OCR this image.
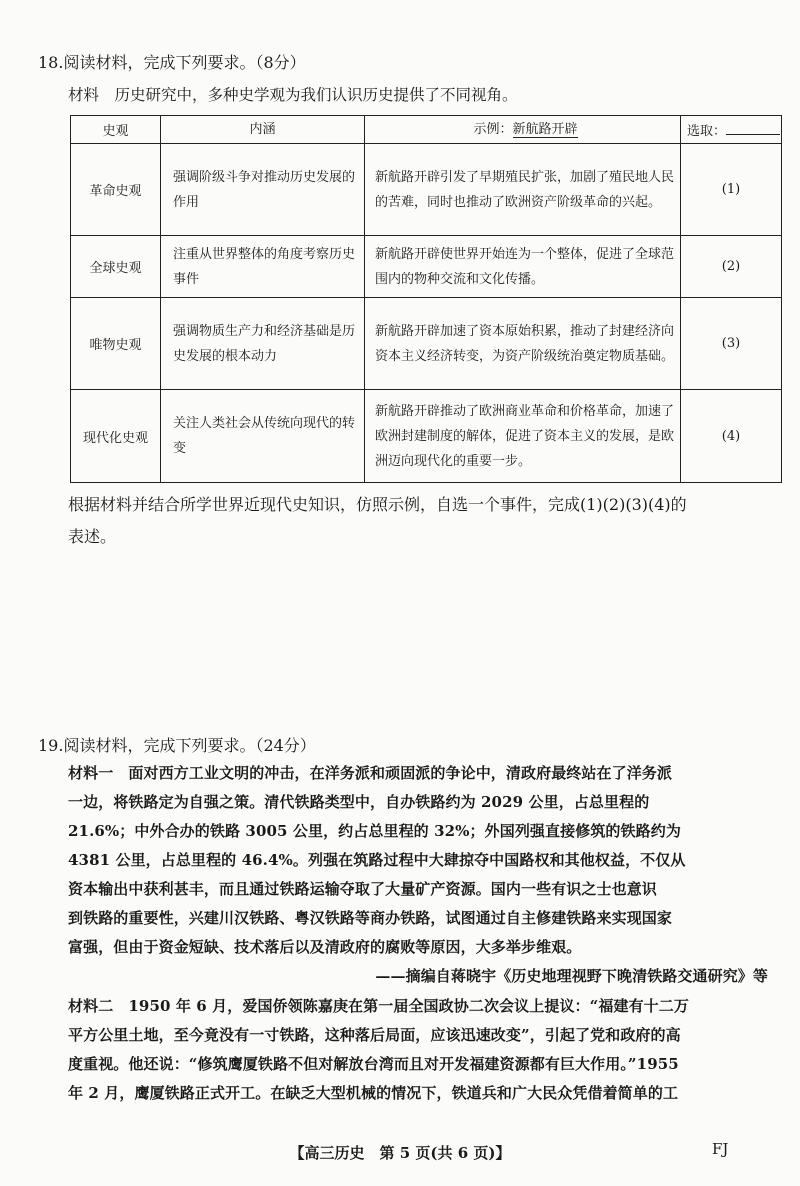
18.阅读材料，完成下列要求。（8分）
材料　历史研究中，多种史学观为我们认识历史提供了不同视角。
史观	内涵	示例：新航路开辟	选取：
革命史观	强调阶级斗争对推动历史发展的作用	新航路开辟引发了早期殖民扩张，加剧了殖民地人民的苦难，同时也推动了欧洲资产阶级革命的兴起。	(1)
全球史观	注重从世界整体的角度考察历史事件	新航路开辟使世界开始连为一个整体，促进了全球范围内的物种交流和文化传播。	(2)
唯物史观	强调物质生产力和经济基础是历史发展的根本动力	新航路开辟加速了资本原始积累，推动了封建经济向资本主义经济转变，为资产阶级统治奠定物质基础。	(3)
现代化史观	关注人类社会从传统向现代的转变	新航路开辟推动了欧洲商业革命和价格革命，加速了欧洲封建制度的解体，促进了资本主义的发展，是欧洲迈向现代化的重要一步。	(4)
根据材料并结合所学世界近现代史知识，仿照示例，自选一个事件，完成(1)(2)(3)(4)的
表述。
19.阅读材料，完成下列要求。（24分）
材料一　面对西方工业文明的冲击，在洋务派和顽固派的争论中，清政府最终站在了洋务派
一边，将铁路定为自强之策。清代铁路类型中，自办铁路约为 2029 公里，占总里程的
21.6%；中外合办的铁路 3005 公里，约占总里程的 32%；外国列强直接修筑的铁路约为
4381 公里，占总里程的 46.4%。列强在筑路过程中大肆掠夺中国路权和其他权益，不仅从
资本输出中获利甚丰，而且通过铁路运输夺取了大量矿产资源。国内一些有识之士也意识
到铁路的重要性，兴建川汉铁路、粤汉铁路等商办铁路，试图通过自主修建铁路来实现国家
富强，但由于资金短缺、技术落后以及清政府的腐败等原因，大多举步维艰。
——摘编自蒋晓宇《历史地理视野下晚清铁路交通研究》等
材料二　1950 年 6 月，爱国侨领陈嘉庚在第一届全国政协二次会议上提议：“福建有十二万
平方公里土地，至今竟没有一寸铁路，这种落后局面，应该迅速改变”，引起了党和政府的高
度重视。他还说：“修筑鹰厦铁路不但对解放台湾而且对开发福建资源都有巨大作用。”1955
年 2 月，鹰厦铁路正式开工。在缺乏大型机械的情况下，铁道兵和广大民众凭借着简单的工
【高三历史　第 5 页(共 6 页)】	FJ
